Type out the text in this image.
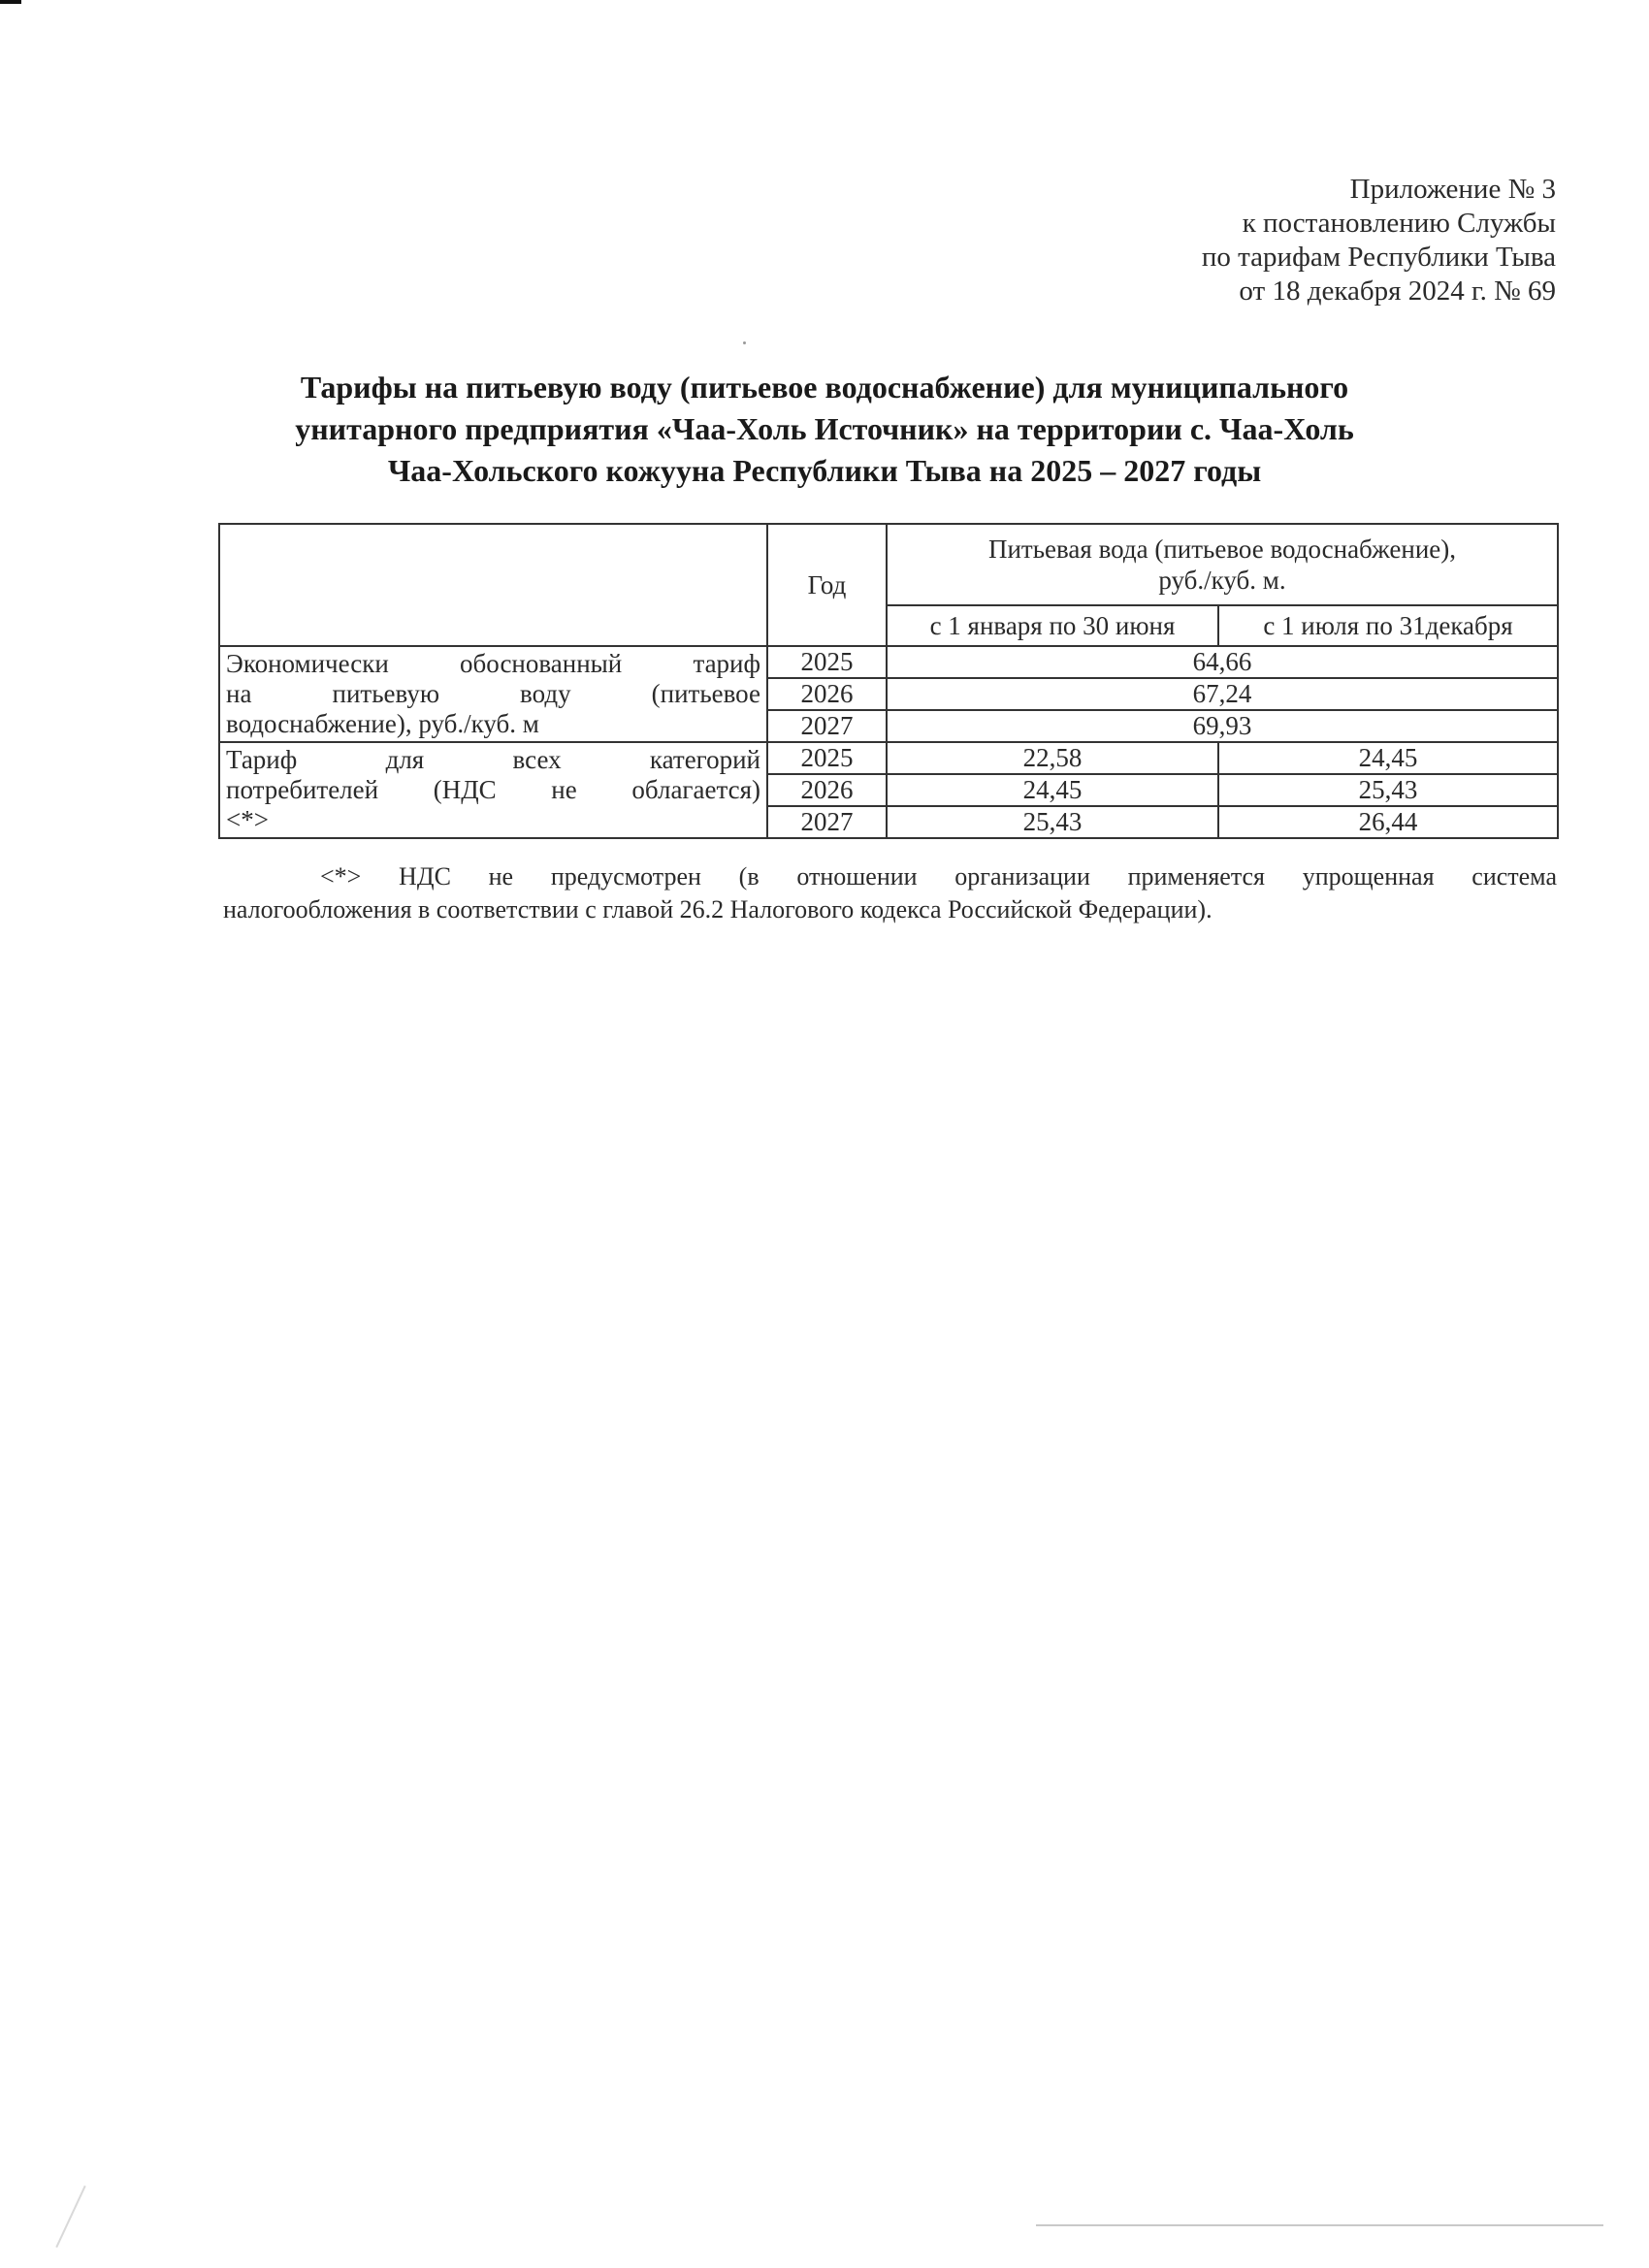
Приложение № 3
к постановлению Службы
по тарифам Республики Тыва
от 18 декабря 2024 г. № 69
Тарифы на питьевую воду (питьевое водоснабжение) для муниципального
унитарного предприятия «Чаа-Холь Источник» на территории с. Чаа-Холь
Чаа-Хольского кожууна Республики Тыва на 2025 – 2027 годы
	Год	Питьевая вода (питьевое водоснабжение),
руб./куб. м.	

		с 1 января по 30 июня	с 1 июля по 31декабря

Экономически обоснованный тариф
на питьевую воду (питьевое
водоснабжение), руб./куб. м	2025	64,66	
	2026	67,24	
	2027	69,93	

Тариф для всех категорий
потребителей (НДС не облагается)
<*>	2025	22,58	24,45
	2026	24,45	25,43
	2027	25,43	26,44
<*> НДС не предусмотрен (в отношении организации применяется упрощенная система
налогообложения в соответствии с главой 26.2 Налогового кодекса Российской Федерации).
